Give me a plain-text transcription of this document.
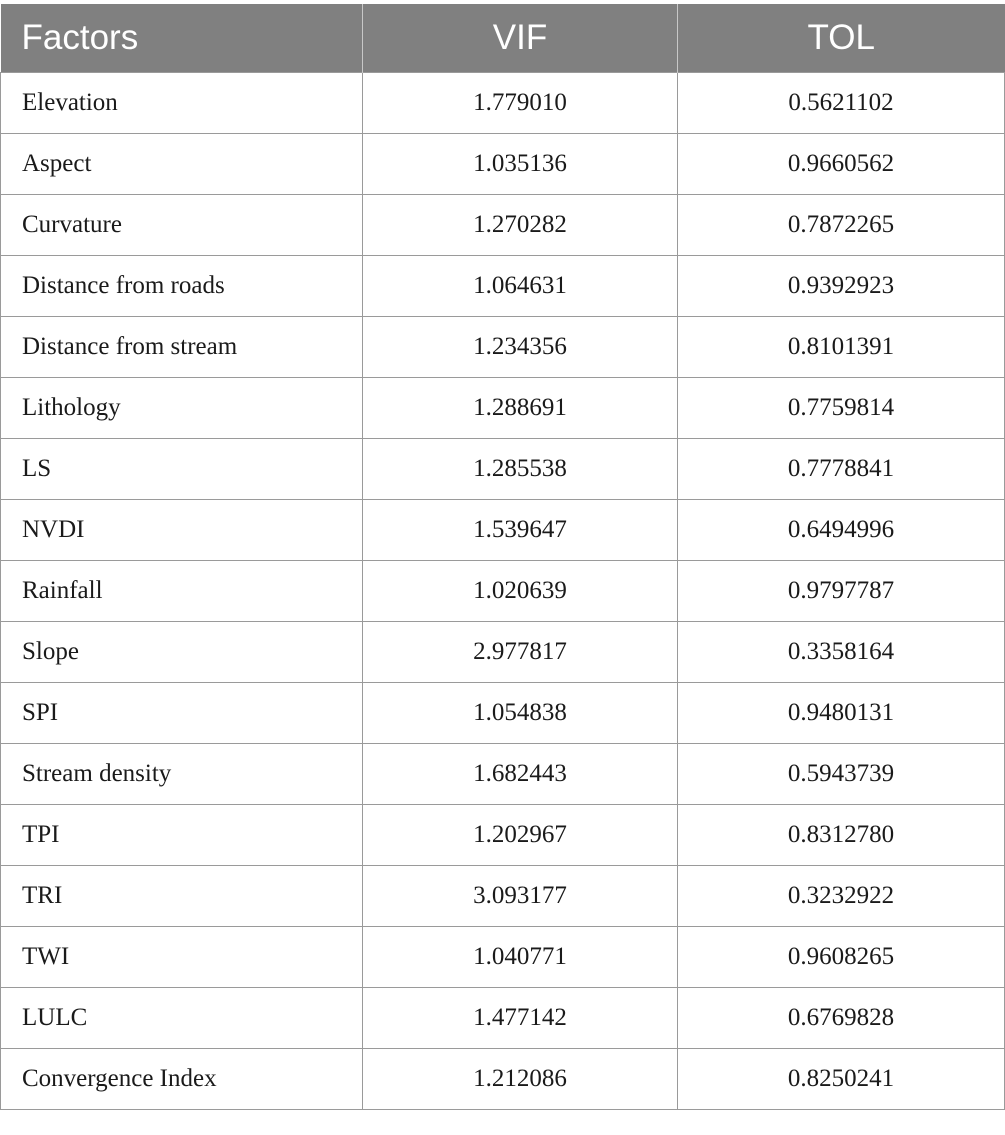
Factors	VIF	TOL
Elevation	1.779010	0.5621102
Aspect	1.035136	0.9660562
Curvature	1.270282	0.7872265
Distance from roads	1.064631	0.9392923
Distance from stream	1.234356	0.8101391
Lithology	1.288691	0.7759814
LS	1.285538	0.7778841
NVDI	1.539647	0.6494996
Rainfall	1.020639	0.9797787
Slope	2.977817	0.3358164
SPI	1.054838	0.9480131
Stream density	1.682443	0.5943739
TPI	1.202967	0.8312780
TRI	3.093177	0.3232922
TWI	1.040771	0.9608265
LULC	1.477142	0.6769828
Convergence Index	1.212086	0.8250241
